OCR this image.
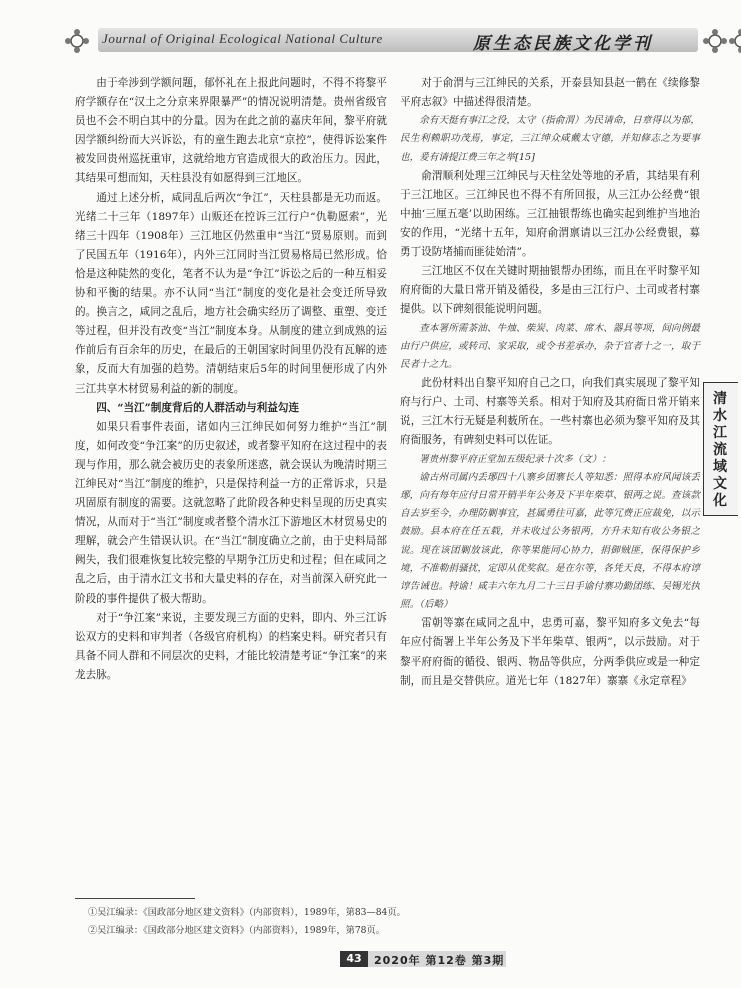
Journal of Original Ecological National Culture	原生态民族文化学刊

由于牵涉到学额问题，郁怀礼在上报此问题时，不得不将黎平府学额存在“汉土之分京来界限暴严”的情况说明清楚。贵州省级官员也不会不明白其中的分量。因为在此之前的嘉庆年间，黎平府就因学额纠纷而大兴诉讼，有的童生跑去北京“京控”，使得诉讼案件被发回贵州巡抚重审，这就给地方官造成很大的政治压力。因此，其结果可想而知，天柱县没有如愿得到三江地区。

通过上述分析，咸同乱后两次“争江”，天柱县都是无功而返。光绪二十三年（1897年）山贩还在控诉三江行户“仇勒愿索”，光绪三十四年（1908年）三江地区仍然重申“当江”贸易原则。而到了民国五年（1916年），内外三江同时当江贸易格局已然形成。恰恰是这种陡然的变化，笔者不认为是“争江”诉讼之后的一种互相妥协和平衡的结果。亦不认同“当江”制度的变化是社会变迁所导致的。换言之，咸同之乱后，地方社会确实经历了调整、重塑、变迁等过程，但并没有改变“当江”制度本身。从制度的建立到成熟的运作前后有百余年的历史，在最后的王朝国家时间里仍没有瓦解的迹象，反而大有加强的趋势。清朝结束后5年的时间里便形成了内外三江共享木材贸易利益的新的制度。

四、“当江”制度背后的人群活动与利益勾连

如果只看事件表面，诸如内三江绅民如何努力维护“当江”制度，如何改变“争江案”的历史叙述，或者黎平知府在这过程中的表现与作用，那么就会被历史的表象所迷惑，就会误认为晚清时期三江绅民对“当江”制度的维护，只是保持利益一方的正常诉求，只是巩固原有制度的需要。这就忽略了此阶段各种史料呈现的历史真实情况，从而对于“当江”制度或者整个清水江下游地区木材贸易史的理解，就会产生错误认识。在“当江”制度确立之前，由于史料局部阙失，我们很难恢复比较完整的早期争江历史和过程；但在咸同之乱之后，由于清水江文书和大量史料的存在，对当前深入研究此一阶段的事件提供了极大帮助。

对于“争江案”来说，主要发现三方面的史料，即内、外三江诉讼双方的史料和审判者（各级官府机构）的档案史料。研究者只有具备不同人群和不同层次的史料，才能比较清楚考证“争江案”的来龙去脉。

对于俞渭与三江绅民的关系，开泰县知县赵一鹤在《续修黎平府志叙》中描述得很清楚。

余有天挺有事江之役，太守（指俞渭）为民请命，日章得以为郁，民生利赖职功茂焉，事定，三江绅众咸戴太守德，并知修志之为要事也，爰有请提江费三年之举[15]

俞渭顺利处理三江绅民与天柱坌处等地的矛盾，其结果有利于三江地区。三江绅民也不得不有所回报，从三江办公经费“银中抽‘三厘五毫’以助困练。三江抽银帮练也确实起到维护当地治安的作用，“光绪十五年，知府俞渭禀请以三江办公经费银，募勇丁设防堵捕而匪徒始清”。

三江地区不仅在关键时期抽银帮办团练，而且在平时黎平知府府衙的大量日常开销及循役，多是由三江行户、土司或者村寨提供。以下碑刻很能说明问题。

查本署所需茶油、牛烛、柴炭、肉菜、席木、器具等项，间向例最由行户供应，或转司、家采取，或令书差承办，杂于官者十之一，取于民者十之九。

此份材料出自黎平知府自己之口，向我们真实展现了黎平知府与行户、土司、村寨等关系。相对于知府及其府衙日常开销来说，三江木行无疑是利薮所在。一些村寨也必须为黎平知府及其府衙服务，有碑刻史料可以佐证。

署贵州黎平府正堂加五级纪录十次多（文）：

谕古州司属内丢琊四十八寨乡团寨长人等知悉：照得本府风闻该丢琊，向有每年应付日常开销半年公务及下半年柴草、银两之说。查该款自去岁至今，办理防剿事宜，甚属勇往可嘉，此等冗费正应裁免，以示鼓励。县本府在任五载，并未收过公务银两，方升未知有收公务银之说。现在该团剿放该此，你等果能同心协力，捐御贼匪，保得保护乡境，不准勒捐骚扰，定即从优奖叙。是在尔等，各凭天良，不得本府谆谆告诫也。特谕！咸丰六年九月二十三日手谕付寨功勤团练、吴锡光执照。（后略）

雷朝等寨在咸同之乱中，忠勇可嘉，黎平知府多文免去“每年应付衙署上半年公务及下半年柴草、银两”，以示鼓励。对于黎平府府衙的循役、银两、物品等供应，分两季供应或是一种定制，而且是交替供应。道光七年（1827年）寨寨《永定章程》

清水江流域文化
①吴江编录：《国政部分地区建文资料》（内部资料），1989年，第83—84页。
②吴江编录：《国政部分地区建文资料》（内部资料），1989年，第78页。
43	2020年 第12卷 第3期
